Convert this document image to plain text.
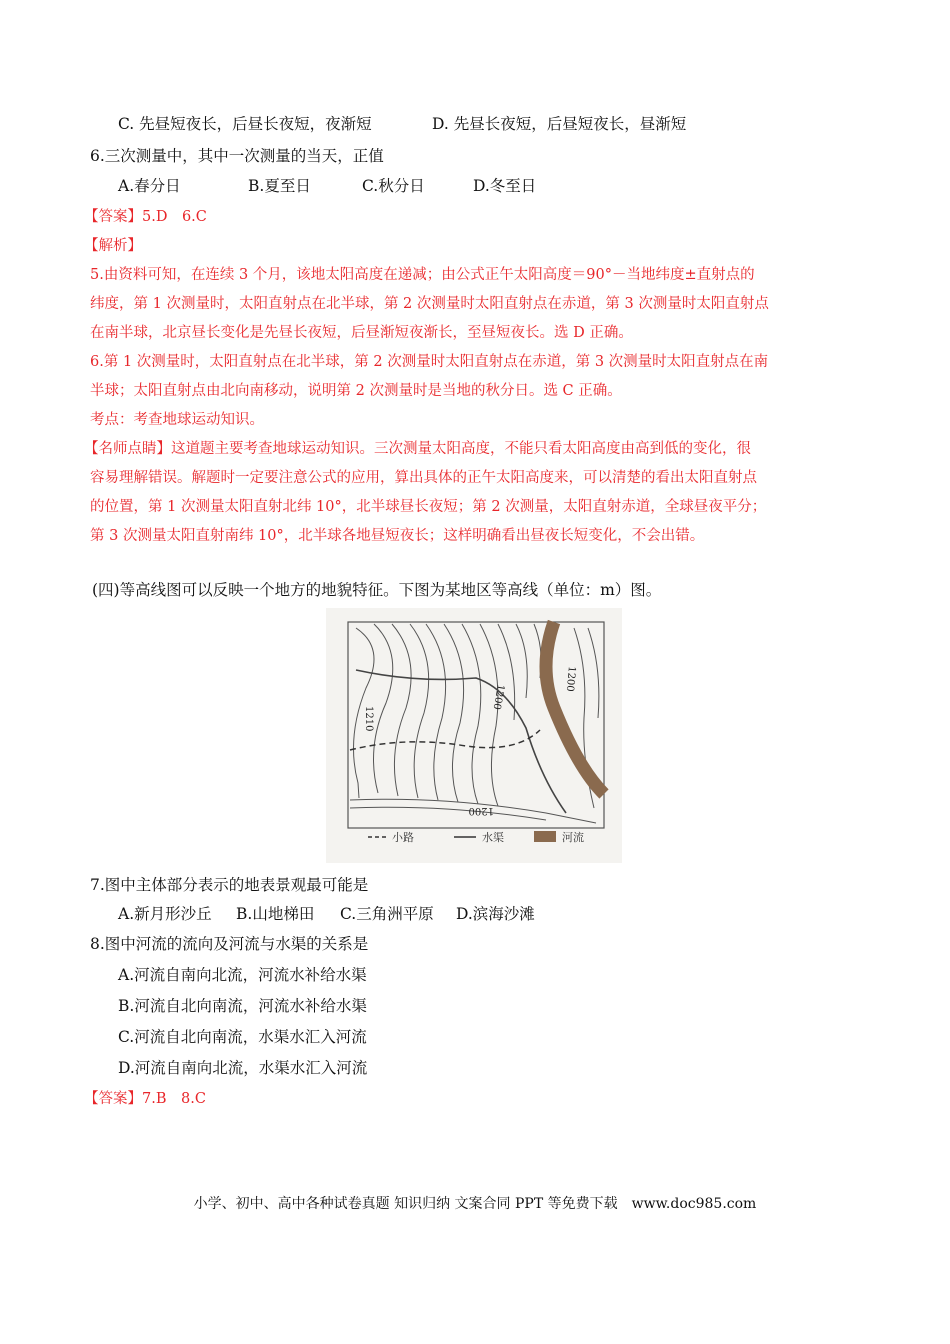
C. 先昼短夜长，后昼长夜短，夜渐短	D. 先昼长夜短，后昼短夜长，昼渐短
6.三次测量中，其中一次测量的当天，正值
A.春分日	B.夏至日	C.秋分日	D.冬至日
【答案】5.D　6.C
【解析】
5.由资料可知，在连续 3 个月，该地太阳高度在递减；由公式正午太阳高度＝90°－当地纬度±直射点的
纬度，第 1 次测量时，太阳直射点在北半球，第 2 次测量时太阳直射点在赤道，第 3 次测量时太阳直射点
在南半球，北京昼长变化是先昼长夜短，后昼渐短夜渐长，至昼短夜长。选 D 正确。
6.第 1 次测量时，太阳直射点在北半球，第 2 次测量时太阳直射点在赤道，第 3 次测量时太阳直射点在南
半球；太阳直射点由北向南移动，说明第 2 次测量时是当地的秋分日。选 C 正确。
考点：考查地球运动知识。
【名师点睛】这道题主要考查地球运动知识。三次测量太阳高度，不能只看太阳高度由高到低的变化，很
容易理解错误。解题时一定要注意公式的应用，算出具体的正午太阳高度来，可以清楚的看出太阳直射点
的位置，第 1 次测量太阳直射北纬 10°，北半球昼长夜短；第 2 次测量，太阳直射赤道，全球昼夜平分；
第 3 次测量太阳直射南纬 10°，北半球各地昼短夜长；这样明确看出昼夜长短变化，不会出错。
(四)等高线图可以反映一个地方的地貌特征。下图为某地区等高线（单位：m）图。
1210
1200
1200
1200
小路	水渠	河流
7.图中主体部分表示的地表景观最可能是
A.新月形沙丘 B.山地梯田 C.三角洲平原 D.滨海沙滩
8.图中河流的流向及河流与水渠的关系是
A.河流自南向北流，河流水补给水渠
B.河流自北向南流，河流水补给水渠
C.河流自北向南流，水渠水汇入河流
D.河流自南向北流，水渠水汇入河流
【答案】7.B　8.C
小学、初中、高中各种试卷真题 知识归纳 文案合同 PPT 等免费下载　www.doc985.com
